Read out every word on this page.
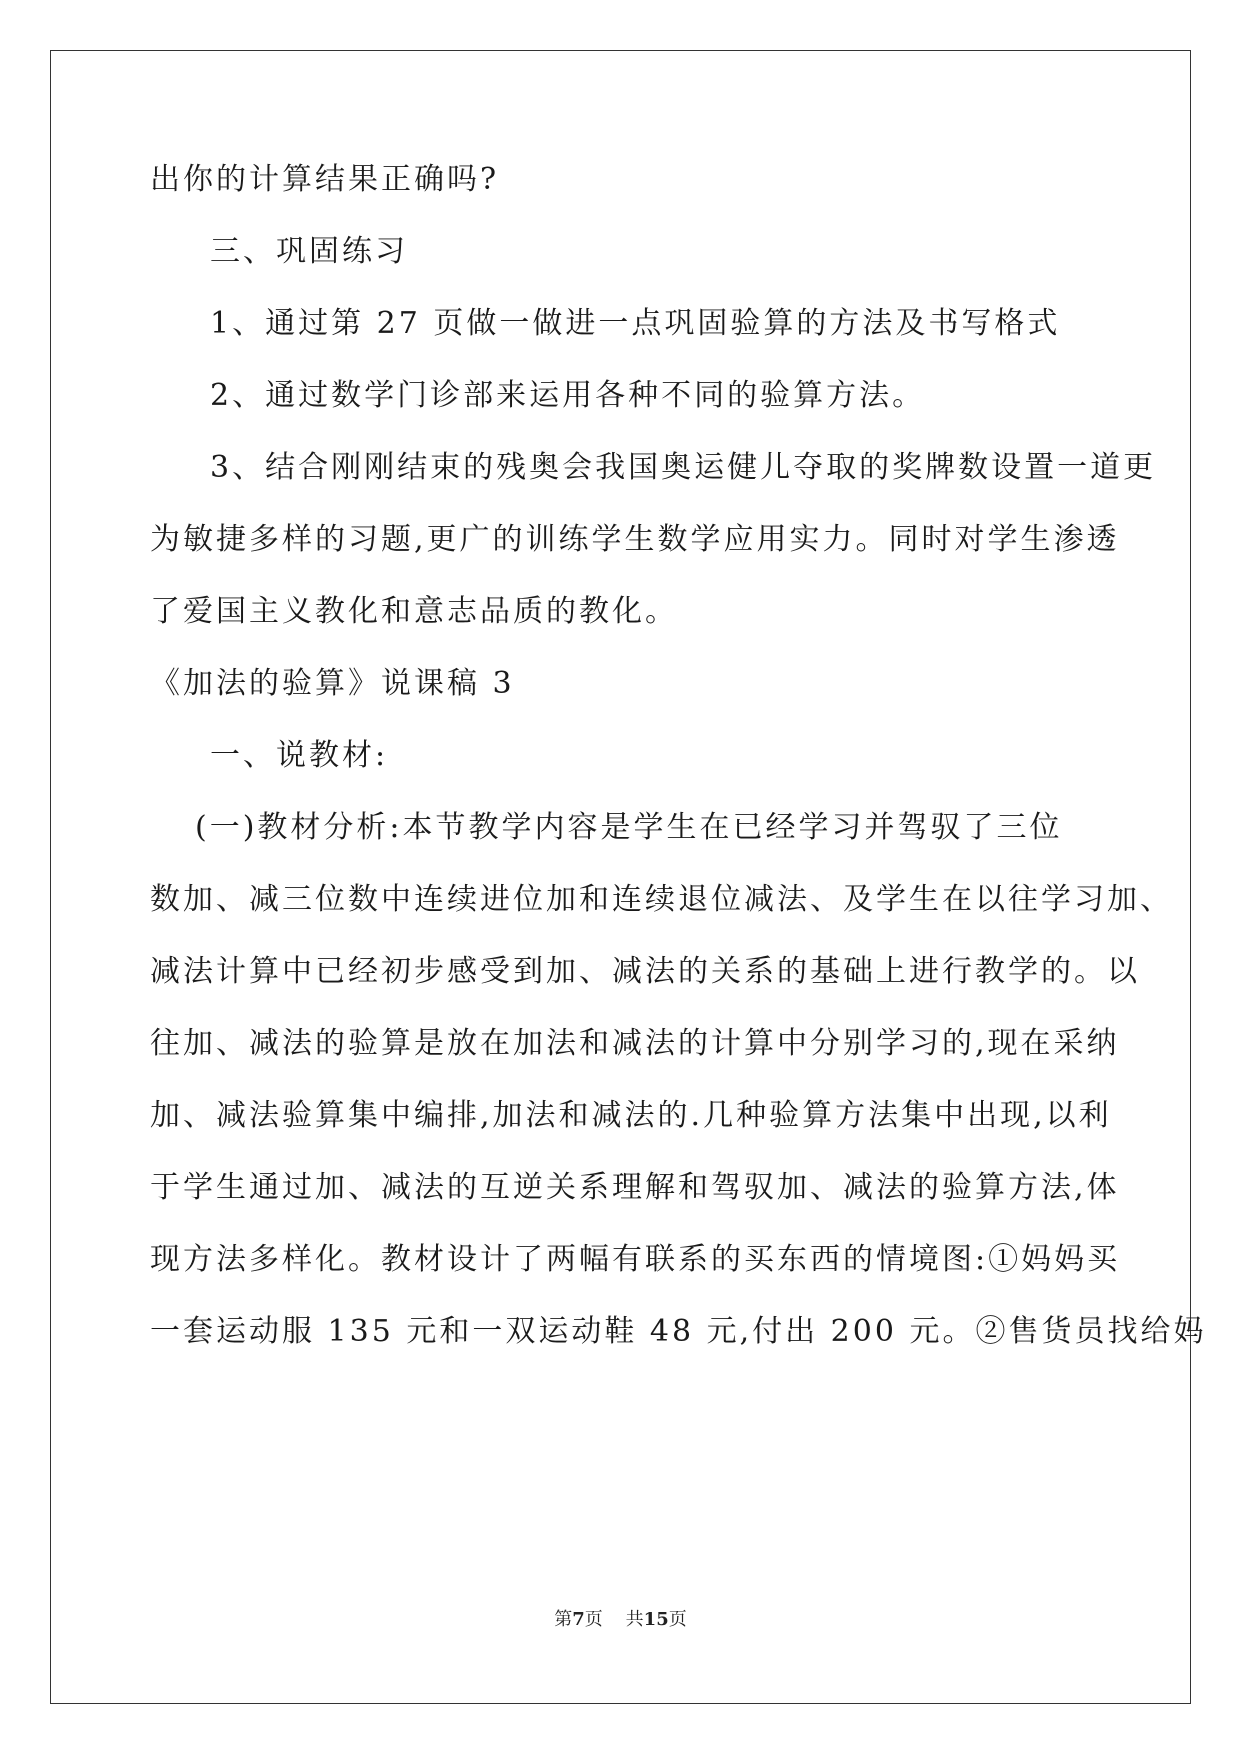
出你的计算结果正确吗?
三、巩固练习
1、通过第 27 页做一做进一点巩固验算的方法及书写格式
2、通过数学门诊部来运用各种不同的验算方法。
3、结合刚刚结束的残奥会我国奥运健儿夺取的奖牌数设置一道更
为敏捷多样的习题,更广的训练学生数学应用实力。同时对学生渗透
了爱国主义教化和意志品质的教化。
《加法的验算》说课稿 3
一、说教材:
(一)教材分析:本节教学内容是学生在已经学习并驾驭了三位
数加、减三位数中连续进位加和连续退位减法、及学生在以往学习加、
减法计算中已经初步感受到加、减法的关系的基础上进行教学的。以
往加、减法的验算是放在加法和减法的计算中分别学习的,现在采纳
加、减法验算集中编排,加法和减法的.几种验算方法集中出现,以利
于学生通过加、减法的互逆关系理解和驾驭加、减法的验算方法,体
现方法多样化。教材设计了两幅有联系的买东西的情境图:①妈妈买
一套运动服 135 元和一双运动鞋 48 元,付出 200 元。②售货员找给妈
第7页 共15页
